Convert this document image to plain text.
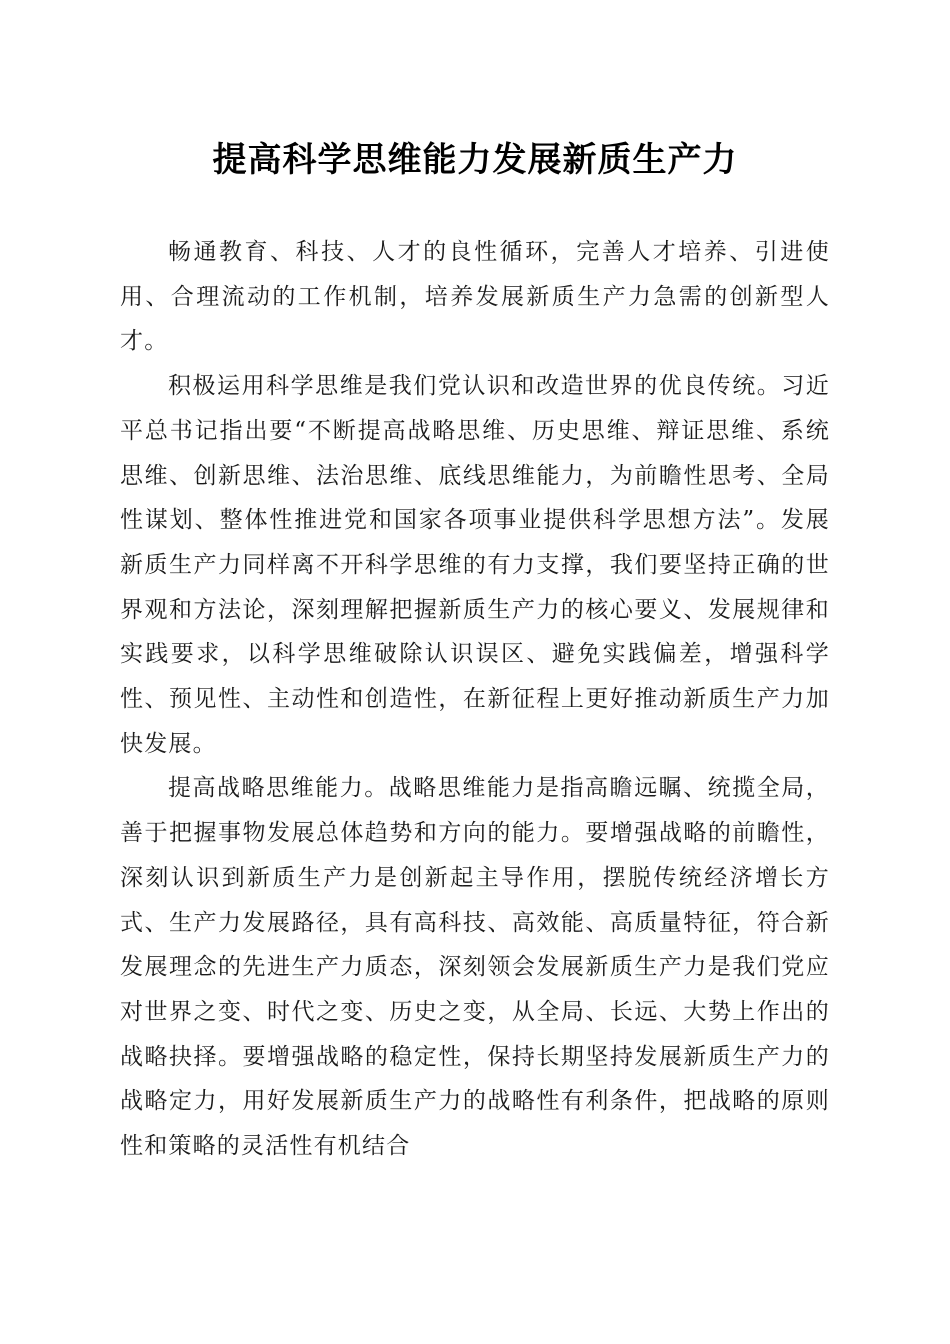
提高科学思维能力发展新质生产力

畅通教育、科技、人才的良性循环，完善人才培养、引进使用、合理流动的工作机制，培养发展新质生产力急需的创新型人才。

积极运用科学思维是我们党认识和改造世界的优良传统。习近平总书记指出要“不断提高战略思维、历史思维、辩证思维、系统思维、创新思维、法治思维、底线思维能力，为前瞻性思考、全局性谋划、整体性推进党和国家各项事业提供科学思想方法”。发展新质生产力同样离不开科学思维的有力支撑，我们要坚持正确的世界观和方法论，深刻理解把握新质生产力的核心要义、发展规律和实践要求，以科学思维破除认识误区、避免实践偏差，增强科学性、预见性、主动性和创造性，在新征程上更好推动新质生产力加快发展。

提高战略思维能力。战略思维能力是指高瞻远瞩、统揽全局，善于把握事物发展总体趋势和方向的能力。要增强战略的前瞻性，深刻认识到新质生产力是创新起主导作用，摆脱传统经济增长方式、生产力发展路径，具有高科技、高效能、高质量特征，符合新发展理念的先进生产力质态，深刻领会发展新质生产力是我们党应对世界之变、时代之变、历史之变，从全局、长远、大势上作出的战略抉择。要增强战略的稳定性，保持长期坚持发展新质生产力的战略定力，用好发展新质生产力的战略性有利条件，把战略的原则性和策略的灵活性有机结合
